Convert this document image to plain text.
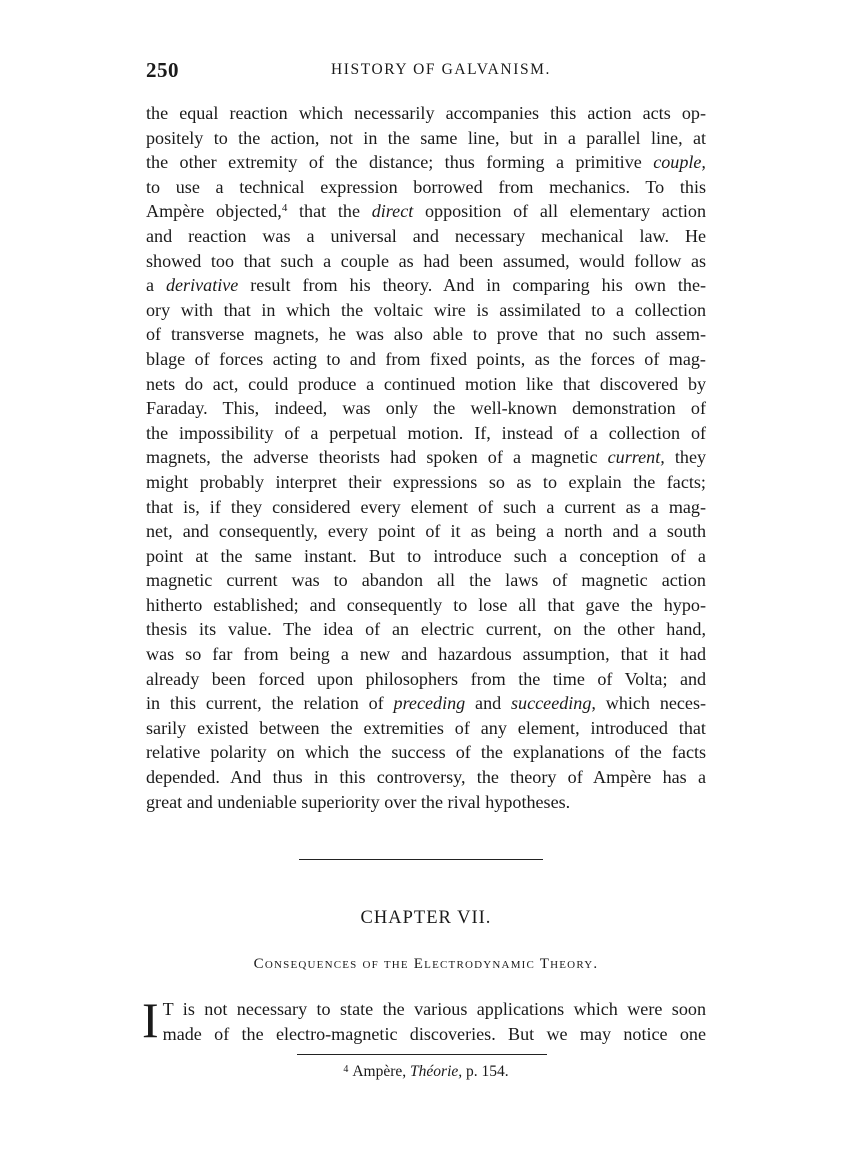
250	HISTORY OF GALVANISM.
the equal reaction which necessarily accompanies this action acts op-
positely to the action, not in the same line, but in a parallel line, at
the other extremity of the distance; thus forming a primitive couple,
to use a technical expression borrowed from mechanics. To this
Ampère objected,$^4$ that the direct opposition of all elementary action
and reaction was a universal and necessary mechanical law. He
showed too that such a couple as had been assumed, would follow as
a derivative result from his theory. And in comparing his own the-
ory with that in which the voltaic wire is assimilated to a collection
of transverse magnets, he was also able to prove that no such assem-
blage of forces acting to and from fixed points, as the forces of mag-
nets do act, could produce a continued motion like that discovered by
Faraday. This, indeed, was only the well-known demonstration of
the impossibility of a perpetual motion. If, instead of a collection of
magnets, the adverse theorists had spoken of a magnetic current, they
might probably interpret their expressions so as to explain the facts;
that is, if they considered every element of such a current as a mag-
net, and consequently, every point of it as being a north and a south
point at the same instant. But to introduce such a conception of a
magnetic current was to abandon all the laws of magnetic action
hitherto established; and consequently to lose all that gave the hypo-
thesis its value. The idea of an electric current, on the other hand,
was so far from being a new and hazardous assumption, that it had
already been forced upon philosophers from the time of Volta; and
in this current, the relation of preceding and succeeding, which neces-
sarily existed between the extremities of any element, introduced that
relative polarity on which the success of the explanations of the facts
depended. And thus in this controversy, the theory of Ampère has a
great and undeniable superiority over the rival hypotheses.
CHAPTER VII.
Consequences of the Electrodynamic Theory.
I T is not necessary to state the various applications which were soon
made of the electro-magnetic discoveries. But we may notice one
$^4$ Ampère, Théorie, p. 154.
